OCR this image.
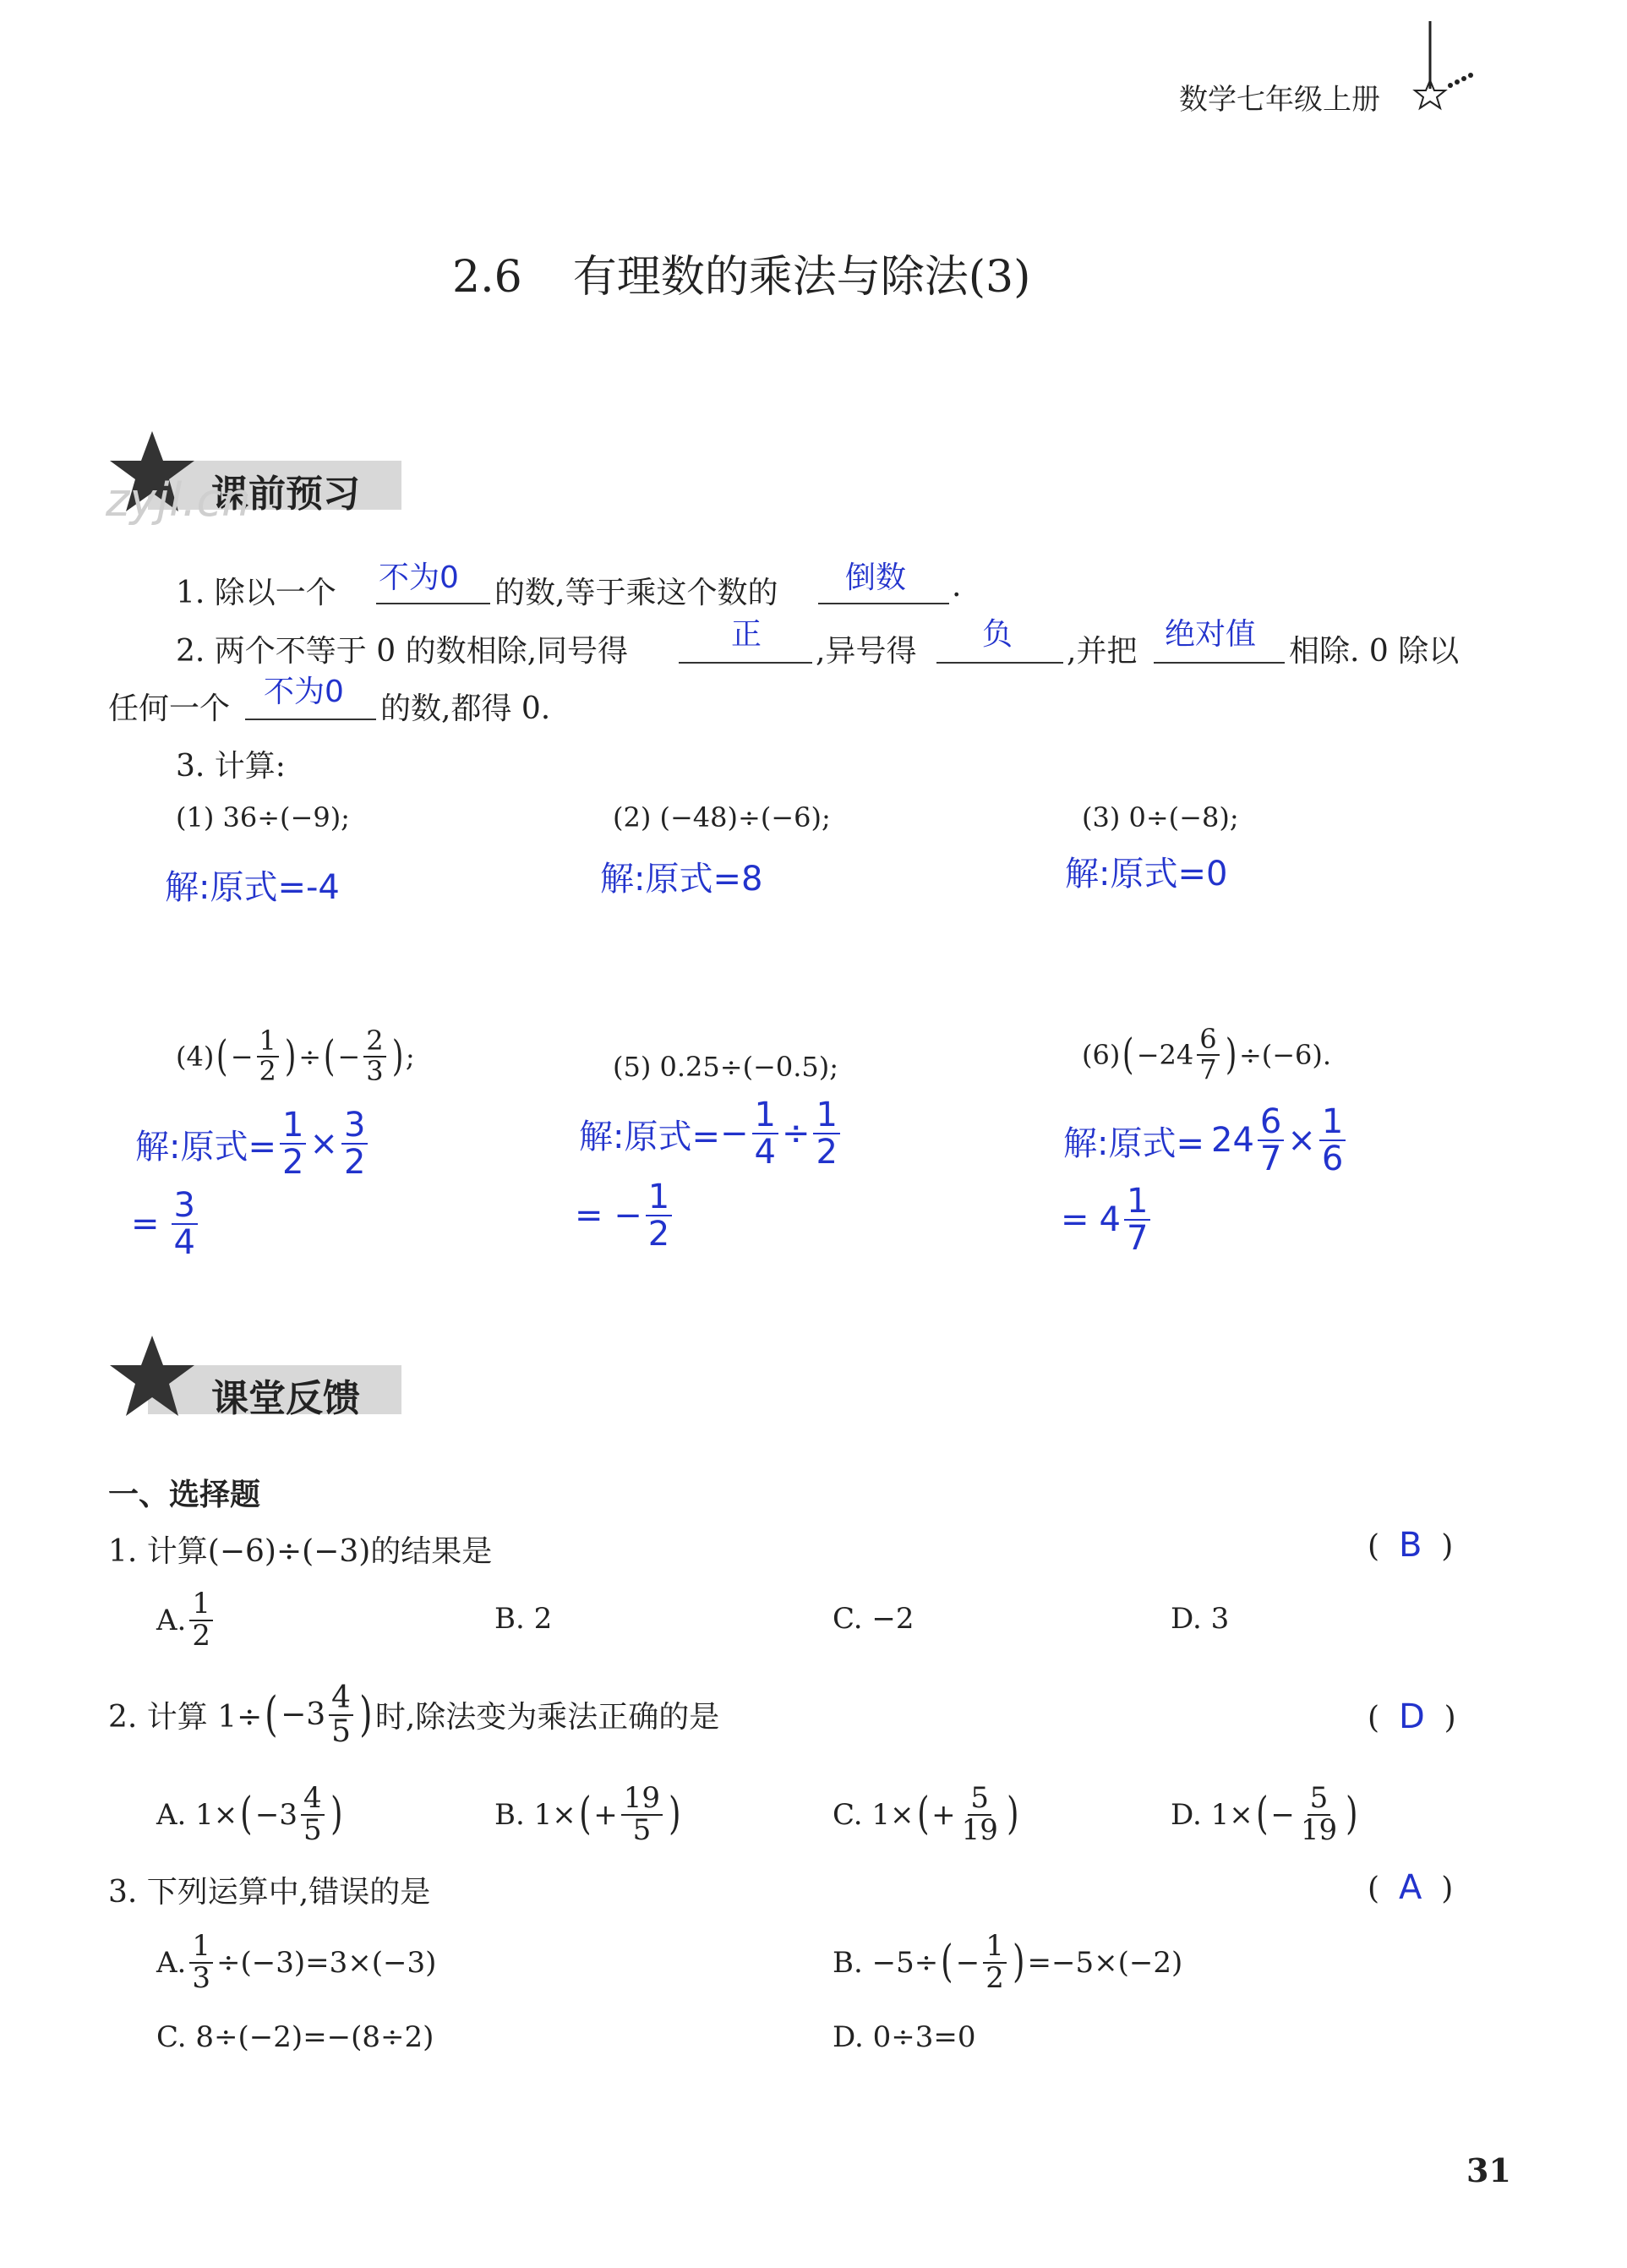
数学七年级上册
2.6 有理数的乘法与除法(3)
课前预习
zyjl.cn
1. 除以一个 不为0 的数,等于乘这个数的 倒数 .
2. 两个不等于 0 的数相除,同号得	正 ,异号得 负 ,并把 绝对值 相除. 0 除以
任何一个 不为0 的数,都得 0.
3. 计算:
(1) 36÷(−9);	(2) (−48)÷(−6);	(3) 0÷(−8);
解:原式=-4	解:原式=8	解:原式=0
(4) ( − $\frac{1}{2}$ ) ÷ ( − $\frac{2}{3}$ ) ;
解:原式= $\frac{1}{2} \times \frac{3}{2}$
= $\frac{3}{4}$
(5) 0.25÷(−0.5);
解:原式= − $\frac{1}{4} \div \frac{1}{2}$
= − $\frac{1}{2}$
(6) ( − $24 \frac{6}{7}$ ) ÷(−6).
解:原式= $24 \frac{6}{7} \times \frac{1}{6}$
= $4 \frac{1}{7}$
课堂反馈
一、选择题
1. 计算(−6)÷(−3)的结果是	(  B  )
A. $\frac{1}{2}$	B. 2	C. −2	D. 3
2. 计算 1÷ ( $-3 \frac{4}{5}$ ) 时,除法变为乘法正确的是	(  D  )
A. 1× ( $-3 \frac{4}{5}$ )	B. 1× ( + $\frac{19}{5}$ )	C. 1× ( + $\frac{5}{19}$ )	D. 1× ( − $\frac{5}{19}$ )
3. 下列运算中,错误的是	(  A  )
A. $\frac{1}{3} \div(-3)=3\times(-3)$	B. −5÷ ( − $\frac{1}{2}$ ) =−5×(−2)
C. 8÷(−2)=−(8÷2)	D. 0÷3=0
31
